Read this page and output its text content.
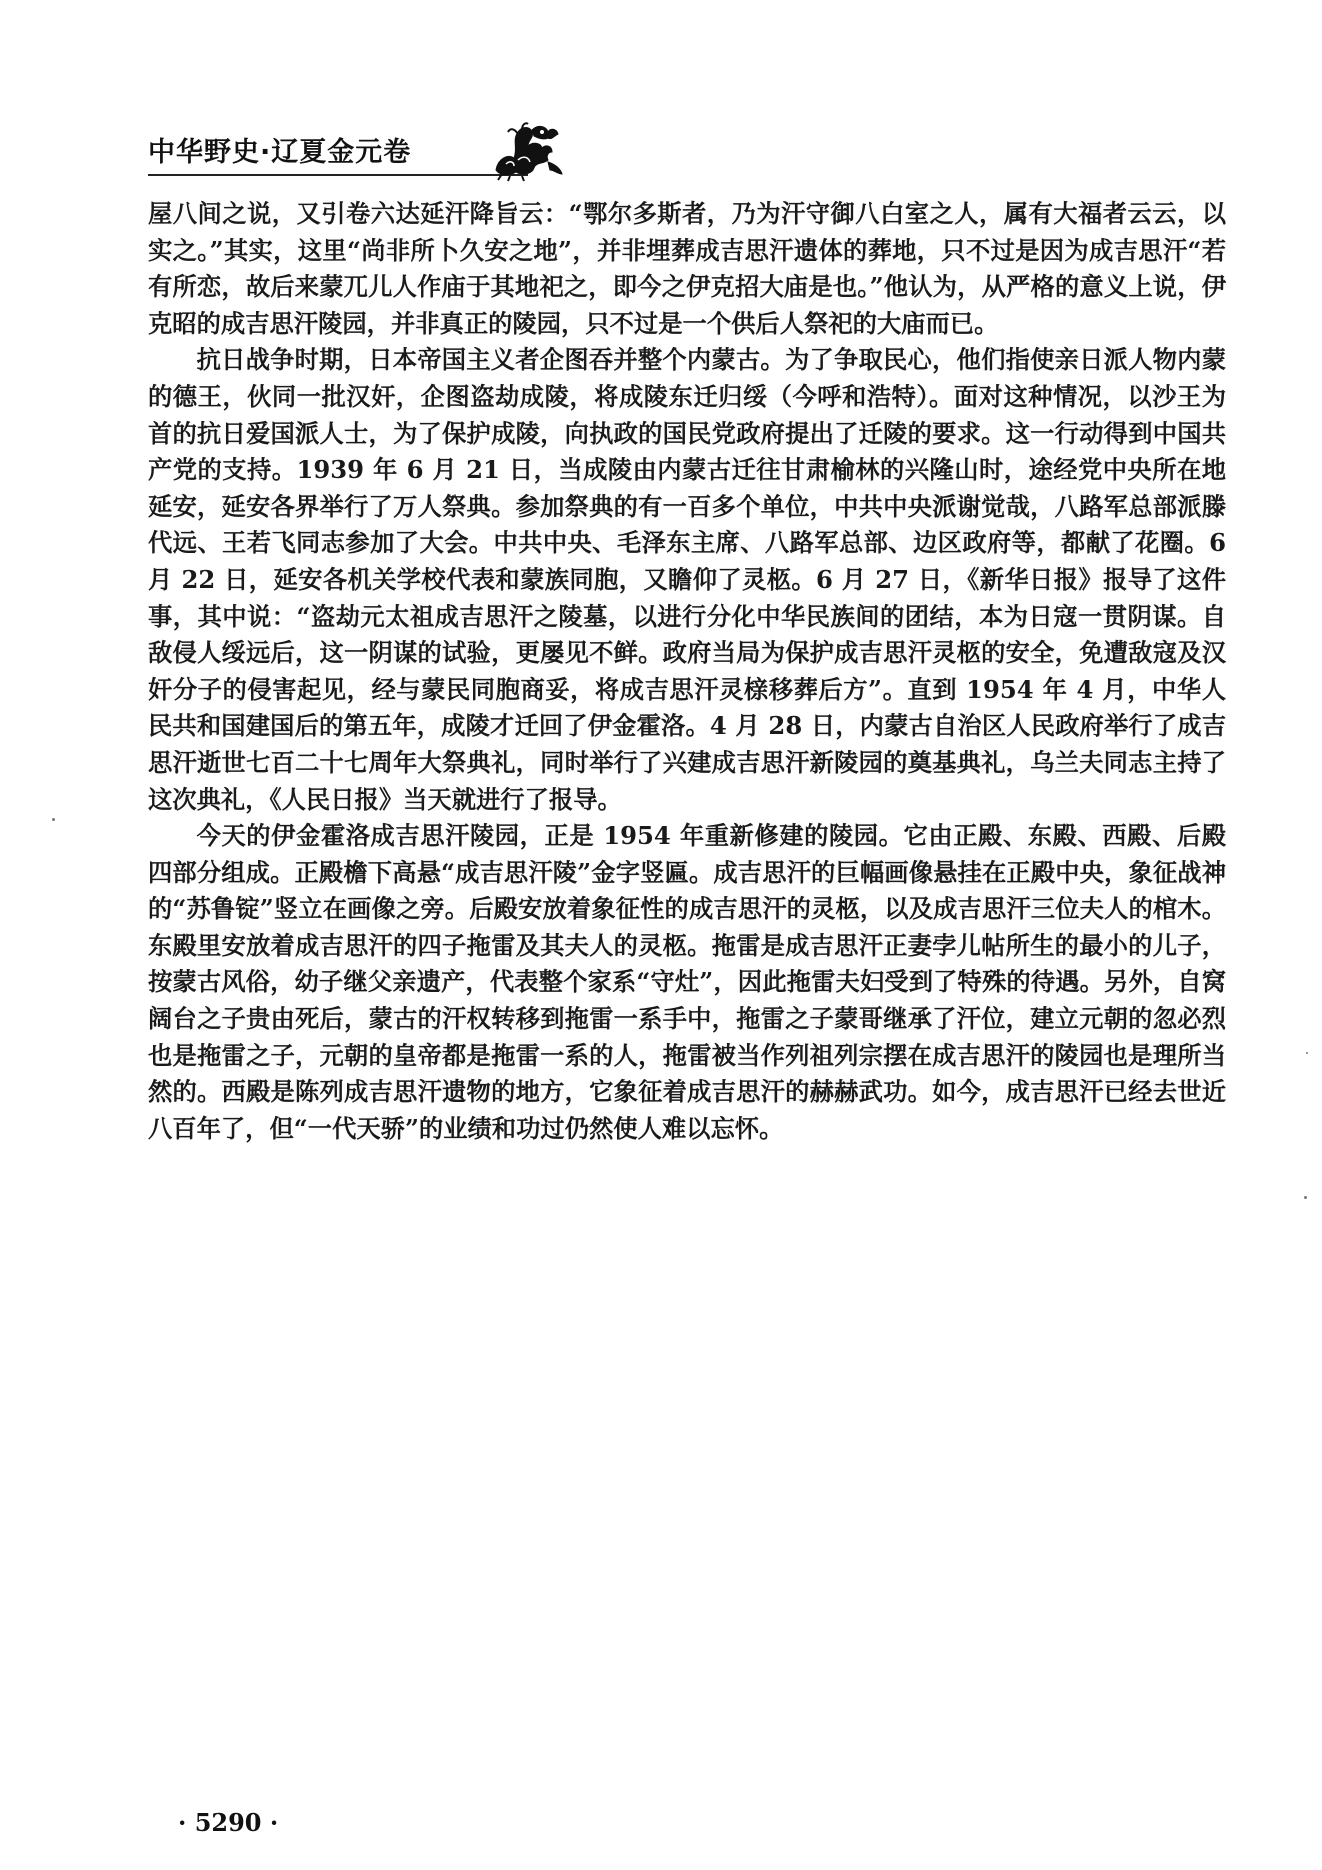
中华野史·辽夏金元卷

屋八间之说，又引卷六达延汗降旨云：“鄂尔多斯者，乃为汗守御八白室之人，属有大福者云云，以实之。”其实，这里“尚非所卜久安之地”，并非埋葬成吉思汗遗体的葬地，只不过是因为成吉思汗“若有所恋，故后来蒙兀儿人作庙于其地祀之，即今之伊克招大庙是也。”他认为，从严格的意义上说，伊克昭的成吉思汗陵园，并非真正的陵园，只不过是一个供后人祭祀的大庙而已。

抗日战争时期，日本帝国主义者企图吞并整个内蒙古。为了争取民心，他们指使亲日派人物内蒙的德王，伙同一批汉奸，企图盗劫成陵，将成陵东迁归绥（今呼和浩特）。面对这种情况，以沙王为首的抗日爱国派人士，为了保护成陵，向执政的国民党政府提出了迁陵的要求。这一行动得到中国共产党的支持。1939 年 6 月 21 日，当成陵由内蒙古迁往甘肃榆林的兴隆山时，途经党中央所在地延安，延安各界举行了万人祭典。参加祭典的有一百多个单位，中共中央派谢觉哉，八路军总部派滕代远、王若飞同志参加了大会。中共中央、毛泽东主席、八路军总部、边区政府等，都献了花圈。6 月 22 日，延安各机关学校代表和蒙族同胞，又瞻仰了灵柩。6 月 27 日，《新华日报》报导了这件事，其中说：“盗劫元太祖成吉思汗之陵墓，以进行分化中华民族间的团结，本为日寇一贯阴谋。自敌侵人绥远后，这一阴谋的试验，更屡见不鲜。政府当局为保护成吉思汗灵柩的安全，免遭敌寇及汉奸分子的侵害起见，经与蒙民同胞商妥，将成吉思汗灵榇移葬后方”。直到 1954 年 4 月，中华人民共和国建国后的第五年，成陵才迁回了伊金霍洛。4 月 28 日，内蒙古自治区人民政府举行了成吉思汗逝世七百二十七周年大祭典礼，同时举行了兴建成吉思汗新陵园的奠基典礼，乌兰夫同志主持了这次典礼，《人民日报》当天就进行了报导。

今天的伊金霍洛成吉思汗陵园，正是 1954 年重新修建的陵园。它由正殿、东殿、西殿、后殿四部分组成。正殿檐下高悬“成吉思汗陵”金字竖匾。成吉思汗的巨幅画像悬挂在正殿中央，象征战神的“苏鲁锭”竖立在画像之旁。后殿安放着象征性的成吉思汗的灵柩，以及成吉思汗三位夫人的棺木。东殿里安放着成吉思汗的四子拖雷及其夫人的灵柩。拖雷是成吉思汗正妻孛儿帖所生的最小的儿子，按蒙古风俗，幼子继父亲遗产，代表整个家系“守灶”，因此拖雷夫妇受到了特殊的待遇。另外，自窝阔台之子贵由死后，蒙古的汗权转移到拖雷一系手中，拖雷之子蒙哥继承了汗位，建立元朝的忽必烈也是拖雷之子，元朝的皇帝都是拖雷一系的人，拖雷被当作列祖列宗摆在成吉思汗的陵园也是理所当然的。西殿是陈列成吉思汗遗物的地方，它象征着成吉思汗的赫赫武功。如今，成吉思汗已经去世近八百年了，但“一代天骄”的业绩和功过仍然使人难以忘怀。

· 5290 ·
